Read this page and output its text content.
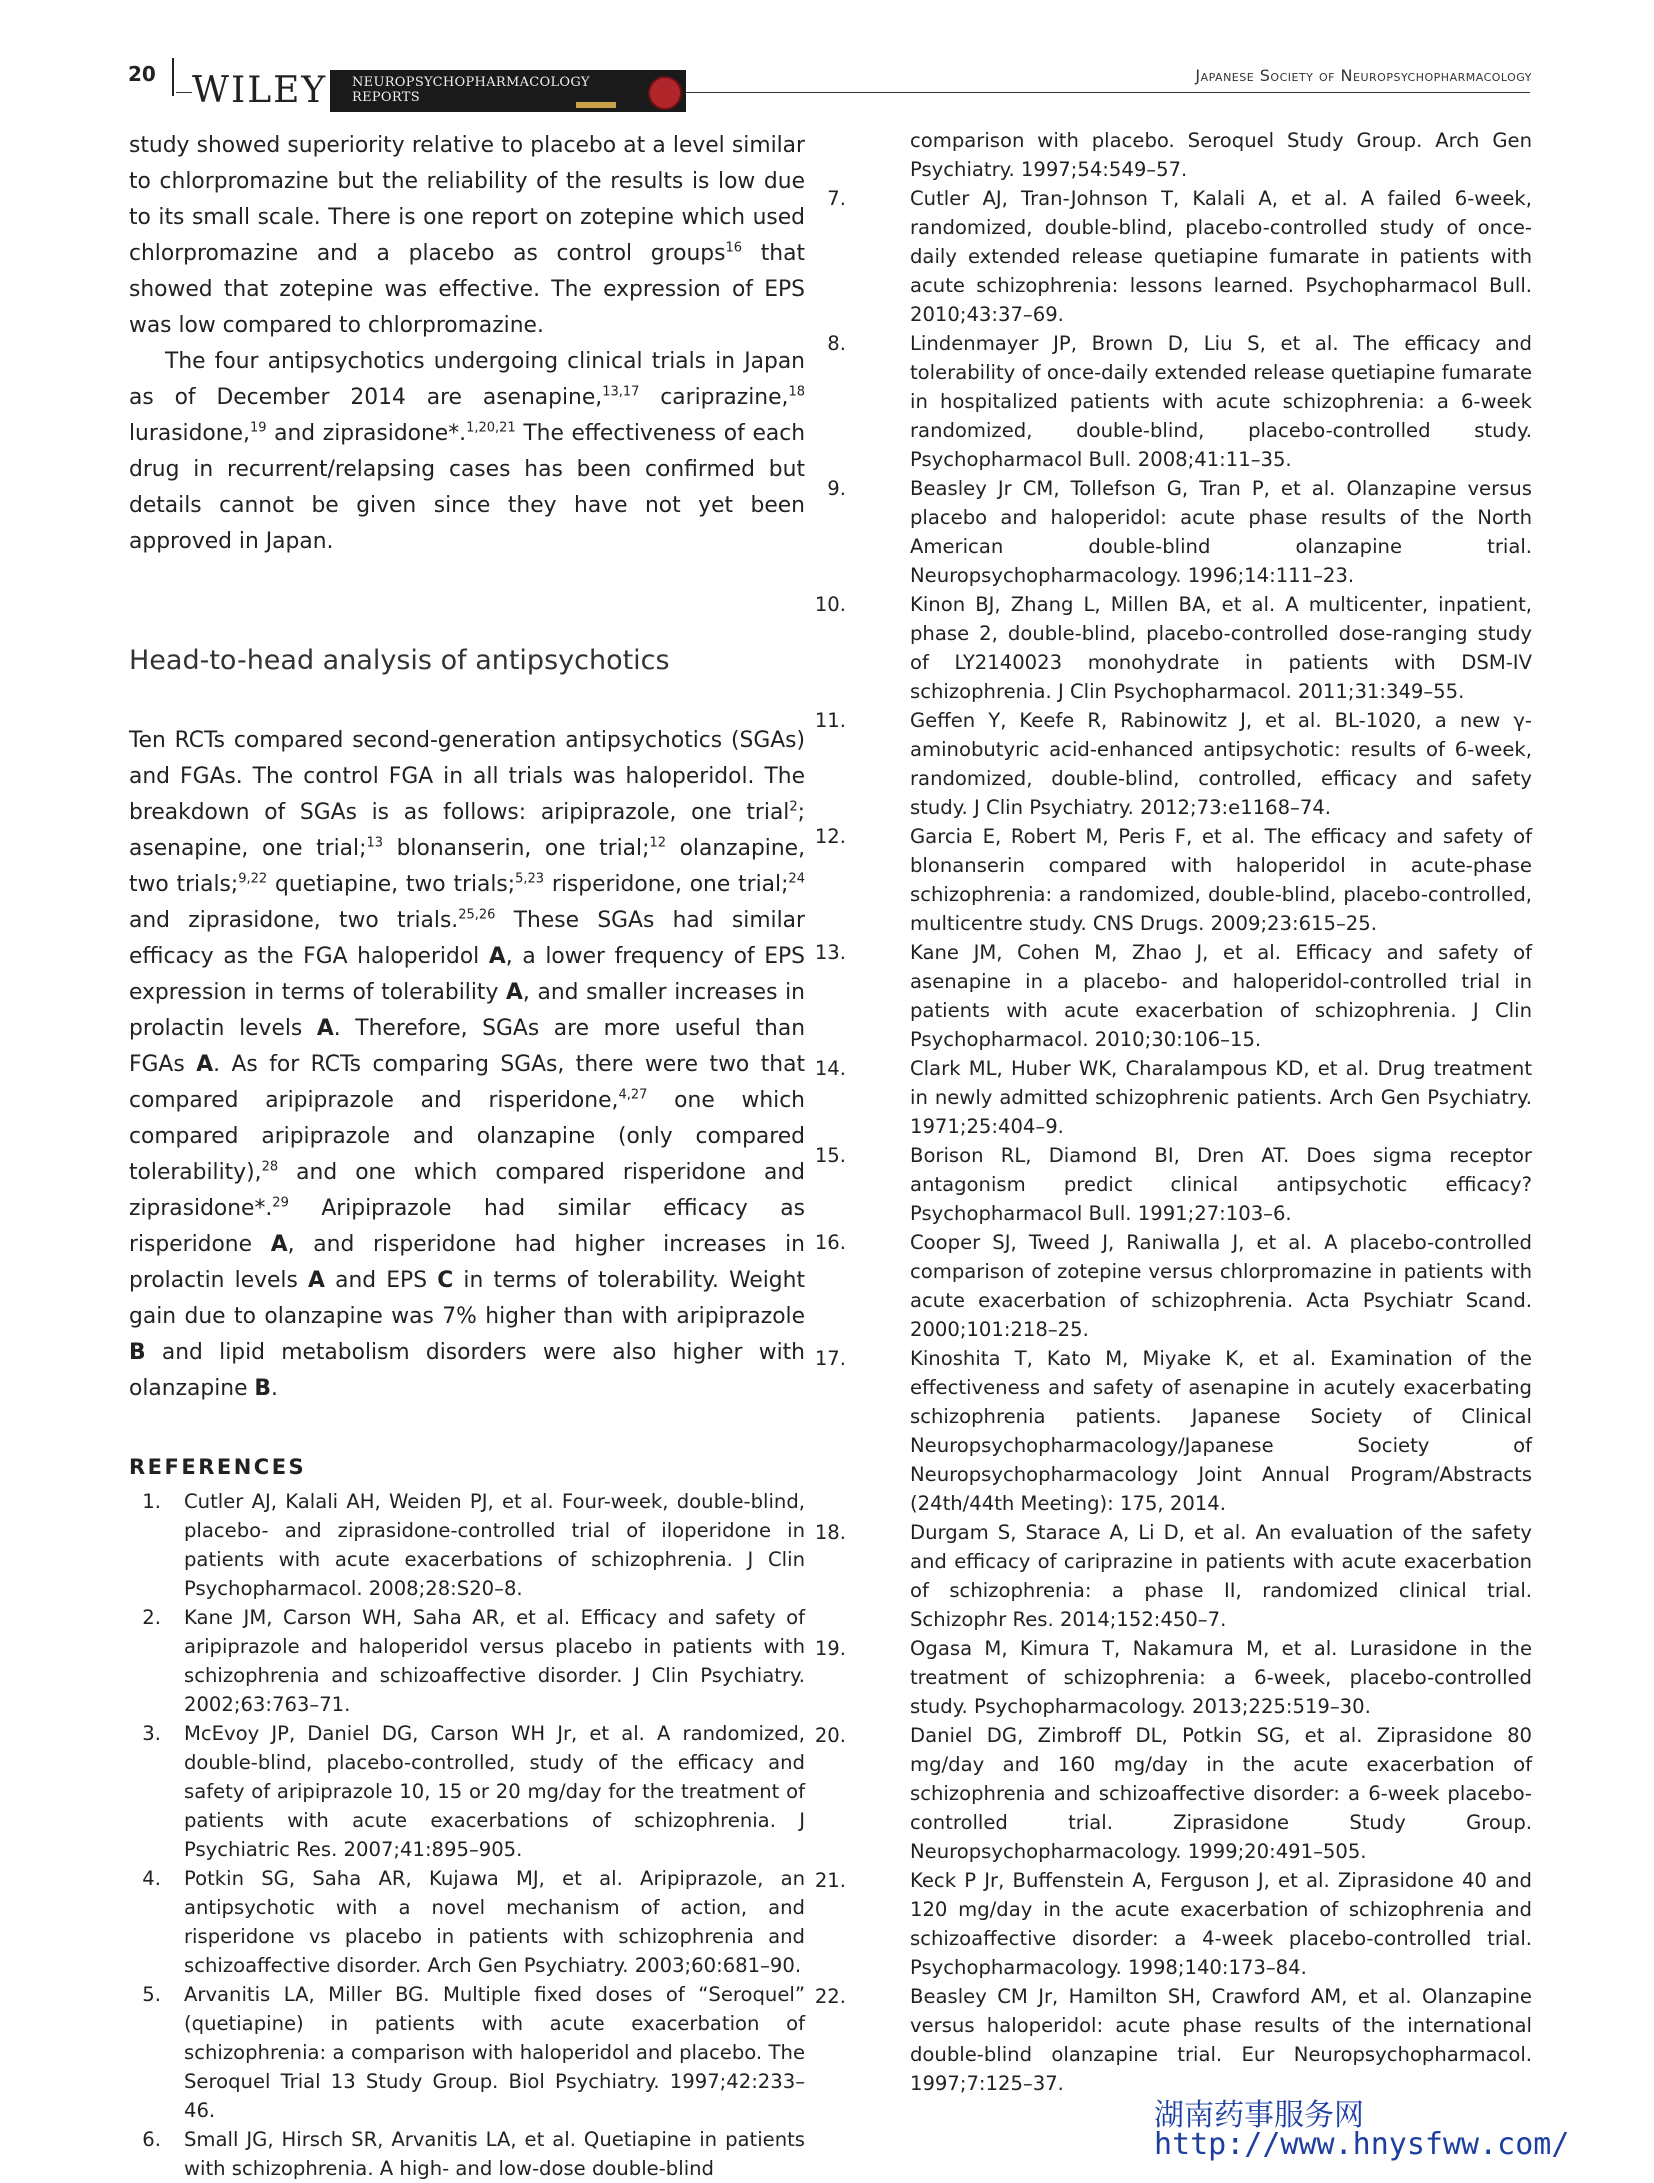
20 WILEY	NEUROPSYCHOPHARMACOLOGY
REPORTS
Japanese Society of Neuropsychopharmacology

study showed superiority relative to placebo at a level similar to chlorpromazine but the reliability of the results is low due to its small scale. There is one report on zotepine which used chlorpromazine and a placebo as control groups$^{16}$ that showed that zotepine was effective. The expression of EPS was low compared to chlorpromazine.

The four antipsychotics undergoing clinical trials in Japan as of December 2014 are asenapine,$^{13,17}$ cariprazine,$^{18}$ lurasidone,$^{19}$ and ziprasidone*.$^{1,20,21}$ The effectiveness of each drug in recurrent/relapsing cases has been confirmed but details cannot be given since they have not yet been approved in Japan.

Head-to-head analysis of antipsychotics

Ten RCTs compared second-generation antipsychotics (SGAs) and FGAs. The control FGA in all trials was haloperidol. The breakdown of SGAs is as follows: aripiprazole, one trial$^2$; asenapine, one trial;$^{13}$ blonanserin, one trial;$^{12}$ olanzapine, two trials;$^{9,22}$ quetiapine, two trials;$^{5,23}$ risperidone, one trial;$^{24}$ and ziprasidone, two trials.$^{25,26}$ These SGAs had similar efficacy as the FGA haloperidol A, a lower frequency of EPS expression in terms of tolerability A, and smaller increases in prolactin levels A. Therefore, SGAs are more useful than FGAs A. As for RCTs comparing SGAs, there were two that compared aripiprazole and risperidone,$^{4,27}$ one which compared aripiprazole and olanzapine (only compared tolerability),$^{28}$ and one which compared risperidone and ziprasidone*.$^{29}$ Aripiprazole had similar efficacy as risperidone A, and risperidone had higher increases in prolactin levels A and EPS C in terms of tolerability. Weight gain due to olanzapine was 7% higher than with aripiprazole B and lipid metabolism disorders were also higher with olanzapine B.

REFERENCES
1. Cutler AJ, Kalali AH, Weiden PJ, et al. Four-week, double-blind, placebo- and ziprasidone-controlled trial of iloperidone in patients with acute exacerbations of schizophrenia. J Clin Psychopharmacol. 2008;28:S20–8.
2. Kane JM, Carson WH, Saha AR, et al. Efficacy and safety of aripiprazole and haloperidol versus placebo in patients with schizophrenia and schizoaffective disorder. J Clin Psychiatry. 2002;63:763–71.
3. McEvoy JP, Daniel DG, Carson WH Jr, et al. A randomized, double-blind, placebo-controlled, study of the efficacy and safety of aripiprazole 10, 15 or 20 mg/day for the treatment of patients with acute exacerbations of schizophrenia. J Psychiatric Res. 2007;41:895–905.
4. Potkin SG, Saha AR, Kujawa MJ, et al. Aripiprazole, an antipsychotic with a novel mechanism of action, and risperidone vs placebo in patients with schizophrenia and schizoaffective disorder. Arch Gen Psychiatry. 2003;60:681–90.
5. Arvanitis LA, Miller BG. Multiple fixed doses of “Seroquel” (quetiapine) in patients with acute exacerbation of schizophrenia: a comparison with haloperidol and placebo. The Seroquel Trial 13 Study Group. Biol Psychiatry. 1997;42:233–46.
6. Small JG, Hirsch SR, Arvanitis LA, et al. Quetiapine in patients with schizophrenia. A high- and low-dose double-blind
comparison with placebo. Seroquel Study Group. Arch Gen Psychiatry. 1997;54:549–57.
7.	Cutler AJ, Tran-Johnson T, Kalali A, et al. A failed 6-week, randomized, double-blind, placebo-controlled study of once-daily extended release quetiapine fumarate in patients with acute schizophrenia: lessons learned. Psychopharmacol Bull. 2010;43:37–69.
8.	Lindenmayer JP, Brown D, Liu S, et al. The efficacy and tolerability of once-daily extended release quetiapine fumarate in hospitalized patients with acute schizophrenia: a 6-week randomized, double-blind, placebo-controlled study. Psychopharmacol Bull. 2008;41:11–35.
9.	Beasley Jr CM, Tollefson G, Tran P, et al. Olanzapine versus placebo and haloperidol: acute phase results of the North American double-blind olanzapine trial. Neuropsychopharmacology. 1996;14:111–23.
10.	Kinon BJ, Zhang L, Millen BA, et al. A multicenter, inpatient, phase 2, double-blind, placebo-controlled dose-ranging study of LY2140023 monohydrate in patients with DSM-IV schizophrenia. J Clin Psychopharmacol. 2011;31:349–55.
11.	Geffen Y, Keefe R, Rabinowitz J, et al. BL-1020, a new γ-aminobutyric acid-enhanced antipsychotic: results of 6-week, randomized, double-blind, controlled, efficacy and safety study. J Clin Psychiatry. 2012;73:e1168–74.
12.	Garcia E, Robert M, Peris F, et al. The efficacy and safety of blonanserin compared with haloperidol in acute-phase schizophrenia: a randomized, double-blind, placebo-controlled, multicentre study. CNS Drugs. 2009;23:615–25.
13.	Kane JM, Cohen M, Zhao J, et al. Efficacy and safety of asenapine in a placebo- and haloperidol-controlled trial in patients with acute exacerbation of schizophrenia. J Clin Psychopharmacol. 2010;30:106–15.
14.	Clark ML, Huber WK, Charalampous KD, et al. Drug treatment in newly admitted schizophrenic patients. Arch Gen Psychiatry. 1971;25:404–9.
15.	Borison RL, Diamond BI, Dren AT. Does sigma receptor antagonism predict clinical antipsychotic efficacy? Psychopharmacol Bull. 1991;27:103–6.
16.	Cooper SJ, Tweed J, Raniwalla J, et al. A placebo-controlled comparison of zotepine versus chlorpromazine in patients with acute exacerbation of schizophrenia. Acta Psychiatr Scand. 2000;101:218–25.
17.	Kinoshita T, Kato M, Miyake K, et al. Examination of the effectiveness and safety of asenapine in acutely exacerbating schizophrenia patients. Japanese Society of Clinical Neuropsychopharmacology/Japanese Society of Neuropsychopharmacology Joint Annual Program/Abstracts (24th/44th Meeting): 175, 2014.
18.	Durgam S, Starace A, Li D, et al. An evaluation of the safety and efficacy of cariprazine in patients with acute exacerbation of schizophrenia: a phase II, randomized clinical trial. Schizophr Res. 2014;152:450–7.
19.	Ogasa M, Kimura T, Nakamura M, et al. Lurasidone in the treatment of schizophrenia: a 6-week, placebo-controlled study. Psychopharmacology. 2013;225:519–30.
20.	Daniel DG, Zimbroff DL, Potkin SG, et al. Ziprasidone 80 mg/day and 160 mg/day in the acute exacerbation of schizophrenia and schizoaffective disorder: a 6-week placebo-controlled trial. Ziprasidone Study Group. Neuropsychopharmacology. 1999;20:491–505.
21.	Keck P Jr, Buffenstein A, Ferguson J, et al. Ziprasidone 40 and 120 mg/day in the acute exacerbation of schizophrenia and schizoaffective disorder: a 4-week placebo-controlled trial. Psychopharmacology. 1998;140:173–84.
22.	Beasley CM Jr, Hamilton SH, Crawford AM, et al. Olanzapine versus haloperidol: acute phase results of the international double-blind olanzapine trial. Eur Neuropsychopharmacol. 1997;7:125–37.
湖南药事服务网
http://www.hnysfww.com/
